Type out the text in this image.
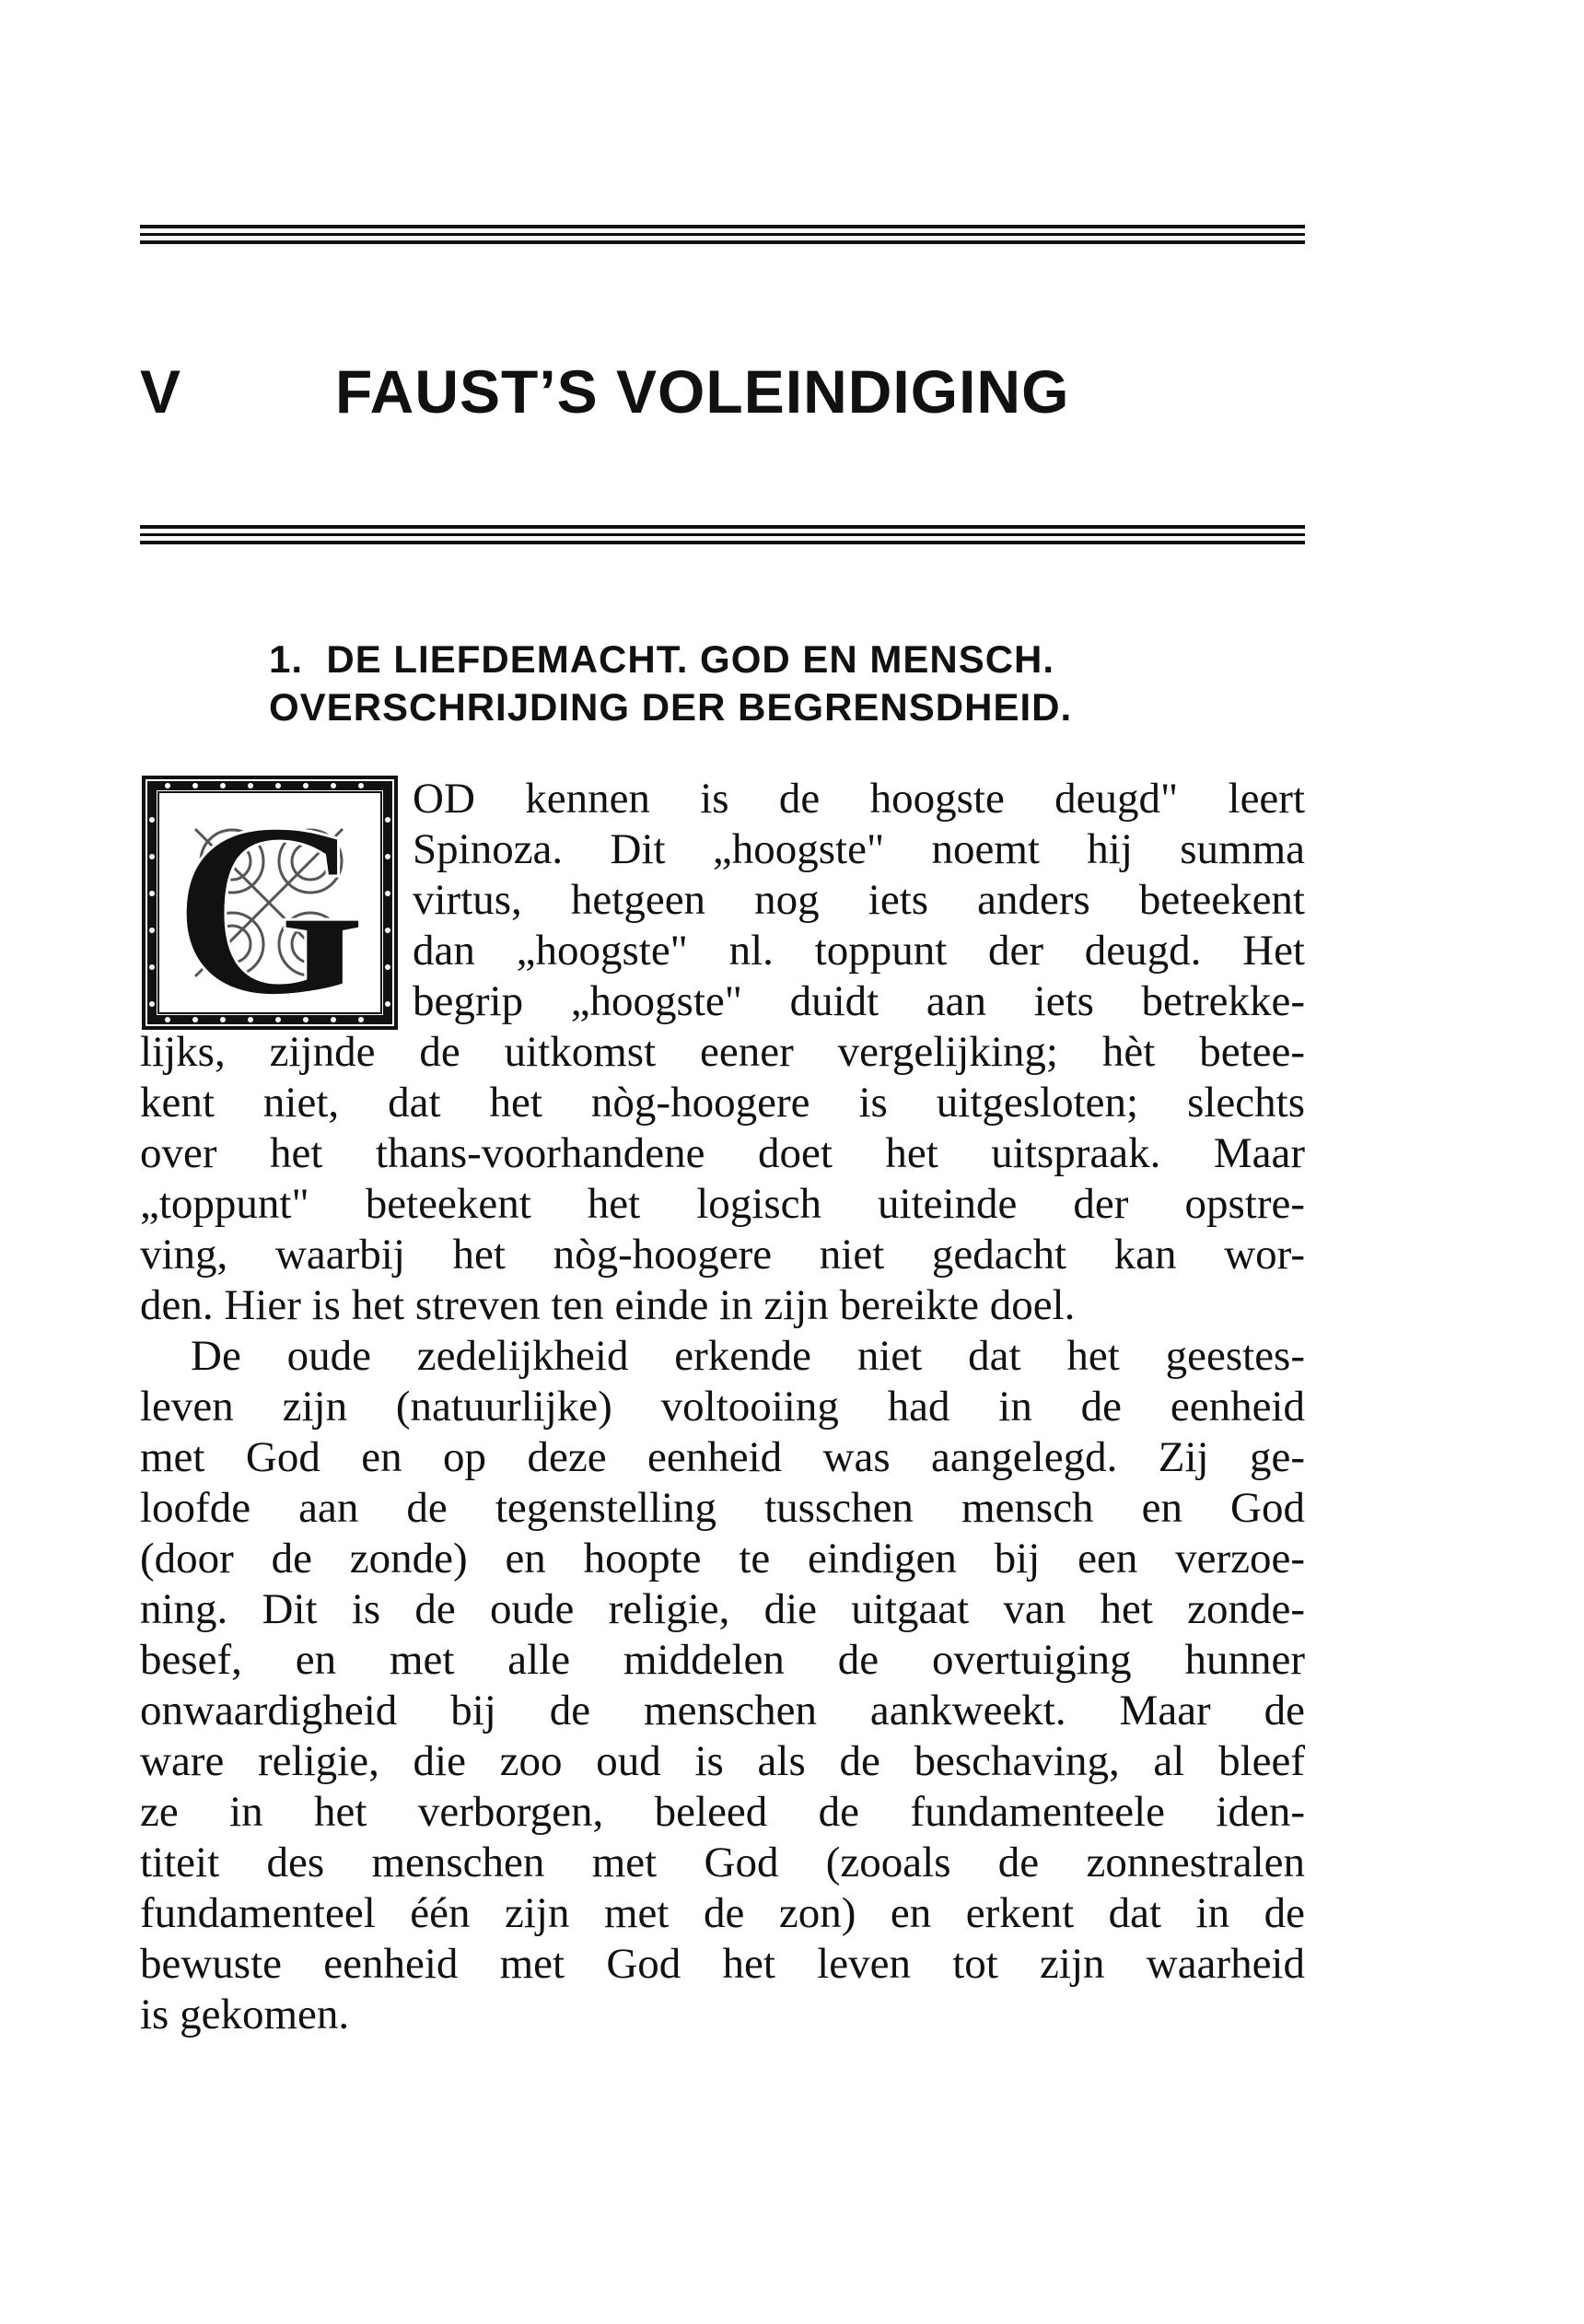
V	FAUST’S VOLEINDIGING
1.  DE LIEFDEMACHT. GOD EN MENSCH.
OVERSCHRIJDING DER BEGRENSDHEID.
G OD kennen is de hoogste deugd" leert
Spinoza. Dit „hoogste" noemt hij summa
virtus, hetgeen nog iets anders beteekent
dan „hoogste" nl. toppunt der deugd. Het
begrip „hoogste" duidt aan iets betrekke-
lijks, zijnde de uitkomst eener vergelijking; hèt betee-
kent niet, dat het nòg-hoogere is uitgesloten; slechts
over het thans-voorhandene doet het uitspraak. Maar
„toppunt" beteekent het logisch uiteinde der opstre-
ving, waarbij het nòg-hoogere niet gedacht kan wor-
den. Hier is het streven ten einde in zijn bereikte doel.
De oude zedelijkheid erkende niet dat het geestes-
leven zijn (natuurlijke) voltooiing had in de eenheid
met God en op deze eenheid was aangelegd. Zij ge-
loofde aan de tegenstelling tusschen mensch en God
(door de zonde) en hoopte te eindigen bij een verzoe-
ning. Dit is de oude religie, die uitgaat van het zonde-
besef, en met alle middelen de overtuiging hunner
onwaardigheid bij de menschen aankweekt. Maar de
ware religie, die zoo oud is als de beschaving, al bleef
ze in het verborgen, beleed de fundamenteele iden-
titeit des menschen met God (zooals de zonnestralen
fundamenteel één zijn met de zon) en erkent dat in de
bewuste eenheid met God het leven tot zijn waarheid
is gekomen.
